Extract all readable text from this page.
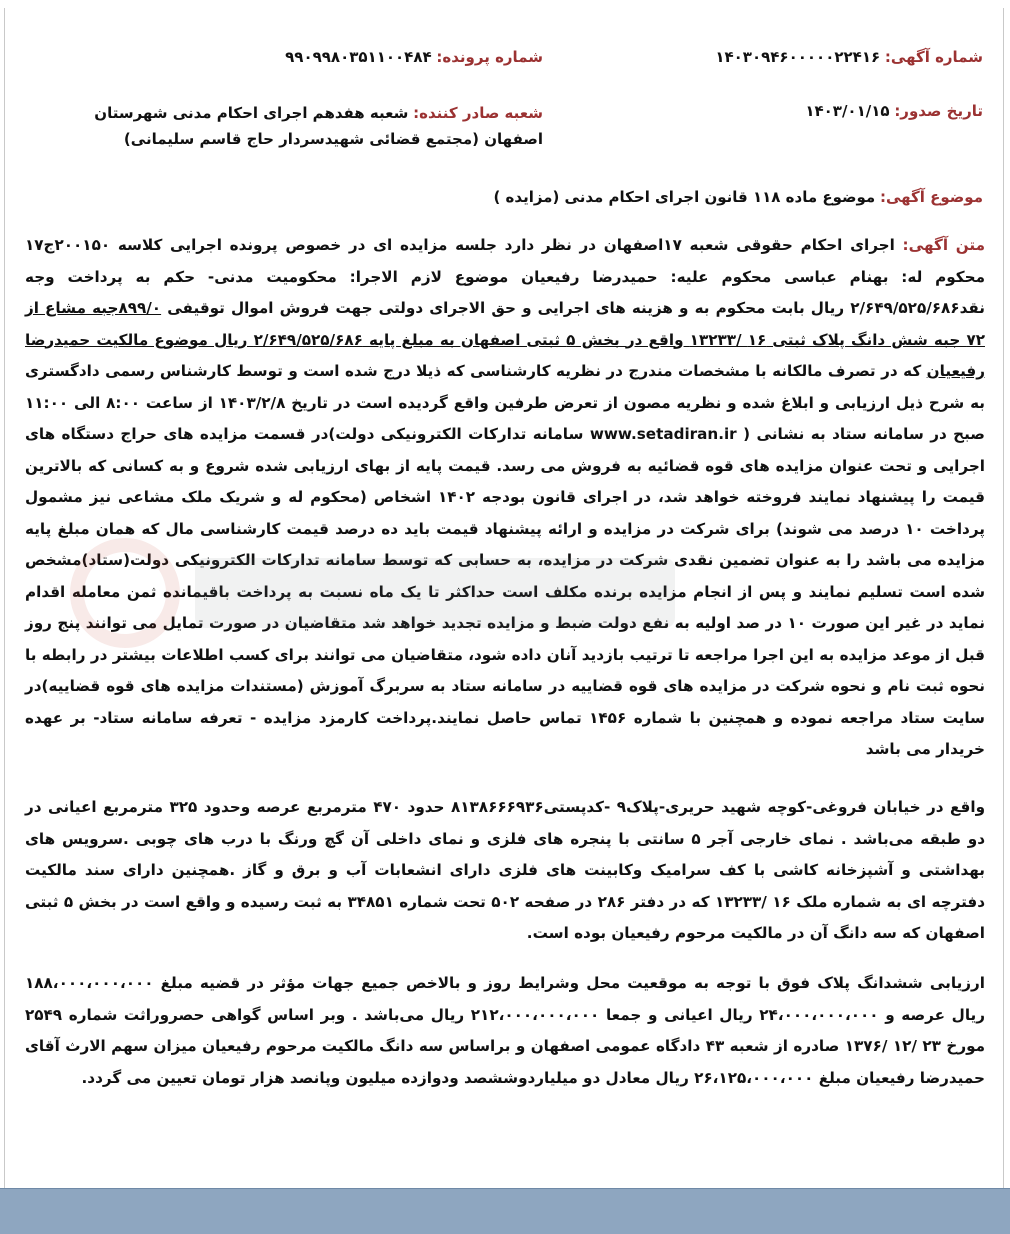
شماره آگهی: ۱۴۰۳۰۹۴۶۰۰۰۰۰۲۲۴۱۶
شماره پرونده: ۹۹۰۹۹۸۰۳۵۱۱۰۰۴۸۴
تاریخ صدور: ۱۴۰۳/۰۱/۱۵
شعبه صادر کننده: شعبه هفدهم اجرای احکام مدنی شهرستان اصفهان (مجتمع قضائی شهیدسردار حاج قاسم سلیمانی)
موضوع آگهی: موضوع ماده ۱۱۸ قانون اجرای احکام مدنی (مزایده )
متن آگهی: اجرای احکام حقوقی شعبه ۱۷اصفهان در نظر دارد جلسه مزایده ای در خصوص پرونده اجرایی کلاسه ۲۰۰۱۵۰ج۱۷ محکوم له: بهنام عباسی محکوم علیه: حمیدرضا رفیعیان موضوع لازم الاجرا: محکومیت مدنی- حکم به پرداخت وجه نقد۲/۶۴۹/۵۲۵/۶۸۶ ریال بابت محکوم به و هزینه های اجرایی و حق الاجرای دولتی جهت فروش اموال توقیفی ۸۹۹/۰جبه مشاع از ۷۲ جبه شش دانگ پلاک ثبتی ۱۶ /۱۳۲۳۳ واقع در بخش ۵ ثبتی اصفهان به مبلغ پایه ۲/۶۴۹/۵۲۵/۶۸۶ ریال موضوع مالکیت حمیدرضا رفیعیان که در تصرف مالکانه با مشخصات مندرج در نظریه کارشناسی که ذیلا درج شده است و توسط کارشناس رسمی دادگستری به شرح ذیل ارزیابی و ابلاغ شده و نظریه مصون از تعرض طرفین واقع گردیده است در تاریخ ۱۴۰۳/۲/۸ از ساعت ۸:۰۰ الی ۱۱:۰۰ صبح در سامانه ستاد به نشانی ( www.setadiran.ir سامانه تدارکات الکترونیکی دولت)در قسمت مزایده های حراج دستگاه های اجرایی و تحت عنوان مزایده های قوه قضائیه به فروش می رسد. قیمت پایه از بهای ارزیابی شده شروع و به کسانی که بالاترین قیمت را پیشنهاد نمایند فروخته خواهد شد، در اجرای قانون بودجه ۱۴۰۲ اشخاص (محکوم له و شریک ملک مشاعی نیز مشمول پرداخت ۱۰ درصد می شوند) برای شرکت در مزایده و ارائه پیشنهاد قیمت باید ده درصد قیمت کارشناسی مال که همان مبلغ پایه مزایده می باشد را به عنوان تضمین نقدی شرکت در مزایده، به حسابی که توسط سامانه تدارکات الکترونیکی دولت(ستاد)مشخص شده است تسلیم نمایند و پس از انجام مزایده برنده مکلف است حداکثر تا یک ماه نسبت به پرداخت باقیمانده ثمن معامله اقدام نماید در غیر این صورت ۱۰ در صد اولیه به نفع دولت ضبط و مزایده تجدید خواهد شد متقاضیان در صورت تمایل می توانند پنج روز قبل از موعد مزایده به این اجرا مراجعه تا ترتیب بازدید آنان داده شود، متقاضیان می توانند برای کسب اطلاعات بیشتر در رابطه با نحوه ثبت نام و نحوه شرکت در مزایده های قوه قضاییه در سامانه ستاد به سربرگ آموزش (مستندات مزایده های قوه قضاییه)در سایت ستاد مراجعه نموده و همچنین با شماره ۱۴۵۶ تماس حاصل نمایند.پرداخت کارمزد مزایده - تعرفه سامانه ستاد- بر عهده خریدار می باشد
واقع در خیابان فروغی-کوچه شهید حریری-پلاک۹ -کدپستی۸۱۳۸۶۶۶۹۳۶ حدود ۴۷۰ مترمربع عرصه وحدود ۳۲۵ مترمربع اعیانی در دو طبقه می‌باشد . نمای خارجی آجر ۵ سانتی با پنجره های فلزی و نمای داخلی آن گچ ورنگ با درب های چوبی .سرویس های بهداشتی و آشپزخانه کاشی با کف سرامیک وکابینت های فلزی دارای انشعابات آب و برق و گاز .همچنین دارای سند مالکیت دفترچه ای به شماره ملک ۱۶ /۱۳۲۳۳ که در دفتر ۲۸۶ در صفحه ۵۰۲ تحت شماره ۳۴۸۵۱ به ثبت رسیده و واقع است در بخش ۵ ثبتی اصفهان که سه دانگ آن در مالکیت مرحوم رفیعیان بوده است.
ارزیابی ششدانگ پلاک فوق با توجه به موقعیت محل وشرایط روز و بالاخص جمیع جهات مؤثر در قضیه مبلغ ۱۸۸،۰۰۰،۰۰۰،۰۰۰ ریال عرصه و ۲۴،۰۰۰،۰۰۰،۰۰۰ ریال اعیانی و جمعا ۲۱۲،۰۰۰،۰۰۰،۰۰۰ ریال می‌باشد . وبر اساس گواهی حصروراثت شماره ۲۵۴۹ مورخ ۲۳ /۱۲ /۱۳۷۶ صادره از شعبه ۴۳ دادگاه عمومی اصفهان و براساس سه دانگ مالکیت مرحوم رفیعیان میزان سهم الارث آقای حمیدرضا رفیعیان مبلغ ۲۶،۱۲۵،۰۰۰،۰۰۰ ریال معادل دو میلیاردوششصد ودوازده میلیون وپانصد هزار تومان تعیین می گردد.
